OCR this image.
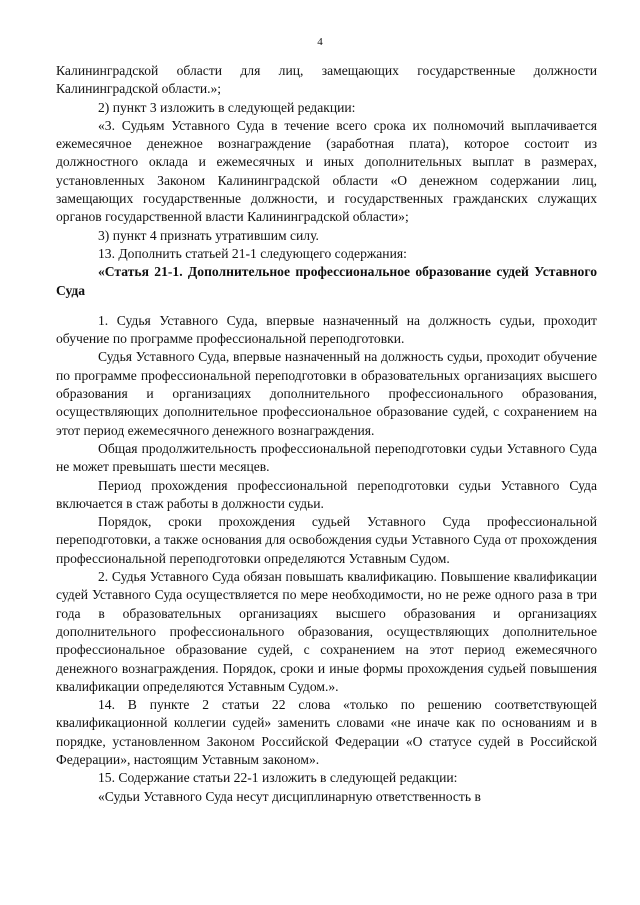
4

Калининградской области для лиц, замещающих государственные должности Калининградской области.»;

2) пункт 3 изложить в следующей редакции:

«3. Судьям Уставного Суда в течение всего срока их полномочий выплачивается ежемесячное денежное вознаграждение (заработная плата), которое состоит из должностного оклада и ежемесячных и иных дополнительных выплат в размерах, установленных Законом Калининградской области «О денежном содержании лиц, замещающих государственные должности, и государственных гражданских служащих органов государственной власти Калининградской области»;

3) пункт 4 признать утратившим силу.

13. Дополнить статьей 21-1 следующего содержания:

«Статья 21-1. Дополнительное профессиональное образование судей Уставного Суда

1. Судья Уставного Суда, впервые назначенный на должность судьи, проходит обучение по программе профессиональной переподготовки.

Судья Уставного Суда, впервые назначенный на должность судьи, проходит обучение по программе профессиональной переподготовки в образовательных организациях высшего образования и организациях дополнительного профессионального образования, осуществляющих дополнительное профессиональное образование судей, с сохранением на этот период ежемесячного денежного вознаграждения.

Общая продолжительность профессиональной переподготовки судьи Уставного Суда не может превышать шести месяцев.

Период прохождения профессиональной переподготовки судьи Уставного Суда включается в стаж работы в должности судьи.

Порядок, сроки прохождения судьей Уставного Суда профессиональной переподготовки, а также основания для освобождения судьи Уставного Суда от прохождения профессиональной переподготовки определяются Уставным Судом.

2. Судья Уставного Суда обязан повышать квалификацию. Повышение квалификации судей Уставного Суда осуществляется по мере необходимости, но не реже одного раза в три года в образовательных организациях высшего образования и организациях дополнительного профессионального образования, осуществляющих дополнительное профессиональное образование судей, с сохранением на этот период ежемесячного денежного вознаграждения. Порядок, сроки и иные формы прохождения судьей повышения квалификации определяются Уставным Судом.».

14. В пункте 2 статьи 22 слова «только по решению соответствующей квалификационной коллегии судей» заменить словами «не иначе как по основаниям и в порядке, установленном Законом Российской Федерации «О статусе судей в Российской Федерации», настоящим Уставным законом».

15. Содержание статьи 22-1 изложить в следующей редакции:

«Судьи Уставного Суда несут дисциплинарную ответственность в
